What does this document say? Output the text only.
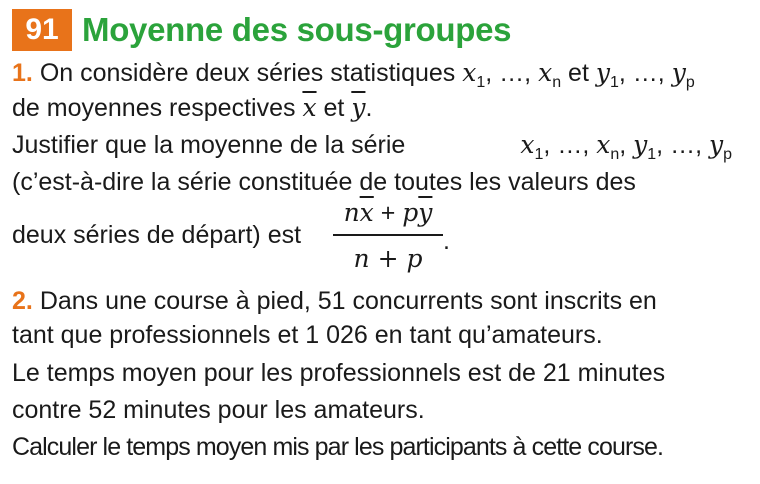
91 Moyenne des sous-groupes
1. On considère deux séries statistiques $x_1$, …, $x_n$ et $y_1$, …, $y_p$
de moyennes respectives $\overline{x}$ et $\overline{y}$.
Justifier que la moyenne de la série	$x_1$, …, $x_n$, $y_1$, …, $y_p$
(c’est-à-dire la série constituée de toutes les valeurs des
deux séries de départ) est
$n\overline{x} + p\overline{y}$
n + p
.
2. Dans une course à pied, 51 concurrents sont inscrits en
tant que professionnels et 1 026 en tant qu’amateurs.
Le temps moyen pour les professionnels est de 21 minutes
contre 52 minutes pour les amateurs.
Calculer le temps moyen mis par les participants à cette course.
